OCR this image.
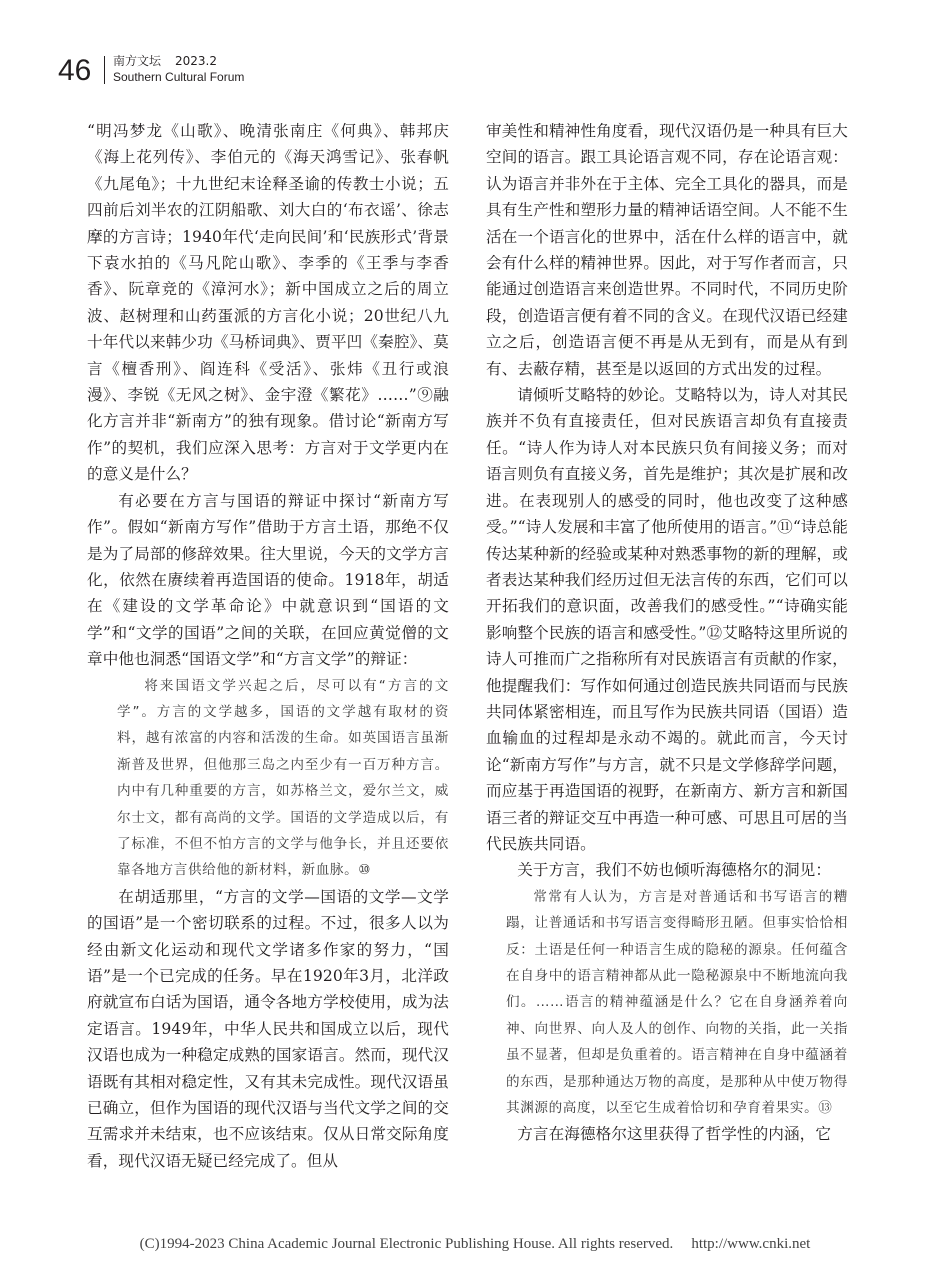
46 南方文坛 2023.2
Southern Cultural Forum

“明冯梦龙《山歌》、晚清张南庄《何典》、韩邦庆《海上花列传》、李伯元的《海天鸿雪记》、张春帆《九尾龟》；十九世纪末诠释圣谕的传教士小说；五四前后刘半农的江阴船歌、刘大白的‘布衣谣’、徐志摩的方言诗；1940年代‘走向民间’和‘民族形式’背景下袁水拍的《马凡陀山歌》、李季的《王季与李香香》、阮章竞的《漳河水》；新中国成立之后的周立波、赵树理和山药蛋派的方言化小说；20世纪八九十年代以来韩少功《马桥词典》、贾平凹《秦腔》、莫言《檀香刑》、阎连科《受活》、张炜《丑行或浪漫》、李锐《无风之树》、金宇澄《繁花》……”⑨融化方言并非“新南方”的独有现象。借讨论“新南方写作”的契机，我们应深入思考：方言对于文学更内在的意义是什么？

有必要在方言与国语的辩证中探讨“新南方写作”。假如“新南方写作”借助于方言土语，那绝不仅是为了局部的修辞效果。往大里说，今天的文学方言化，依然在赓续着再造国语的使命。1918年，胡适在《建设的文学革命论》中就意识到“国语的文学”和“文学的国语”之间的关联，在回应黄觉僧的文章中他也洞悉“国语文学”和“方言文学”的辩证：

将来国语文学兴起之后，尽可以有“方言的文学”。方言的文学越多，国语的文学越有取材的资料，越有浓富的内容和活泼的生命。如英国语言虽渐渐普及世界，但他那三岛之内至少有一百万种方言。内中有几种重要的方言，如苏格兰文，爱尔兰文，威尔士文，都有高尚的文学。国语的文学造成以后，有了标准，不但不怕方言的文学与他争长，并且还要依靠各地方言供给他的新材料，新血脉。⑩

在胡适那里，“方言的文学—国语的文学—文学的国语”是一个密切联系的过程。不过，很多人以为经由新文化运动和现代文学诸多作家的努力，“国语”是一个已完成的任务。早在1920年3月，北洋政府就宣布白话为国语，通令各地方学校使用，成为法定语言。1949年，中华人民共和国成立以后，现代汉语也成为一种稳定成熟的国家语言。然而，现代汉语既有其相对稳定性，又有其未完成性。现代汉语虽已确立，但作为国语的现代汉语与当代文学之间的交互需求并未结束，也不应该结束。仅从日常交际角度看，现代汉语无疑已经完成了。但从

审美性和精神性角度看，现代汉语仍是一种具有巨大空间的语言。跟工具论语言观不同，存在论语言观：认为语言并非外在于主体、完全工具化的器具，而是具有生产性和塑形力量的精神话语空间。人不能不生活在一个语言化的世界中，活在什么样的语言中，就会有什么样的精神世界。因此，对于写作者而言，只能通过创造语言来创造世界。不同时代，不同历史阶段，创造语言便有着不同的含义。在现代汉语已经建立之后，创造语言便不再是从无到有，而是从有到有、去蔽存精，甚至是以返回的方式出发的过程。

请倾听艾略特的妙论。艾略特以为，诗人对其民族并不负有直接责任，但对民族语言却负有直接责任。“诗人作为诗人对本民族只负有间接义务；而对语言则负有直接义务，首先是维护；其次是扩展和改进。在表现别人的感受的同时，他也改变了这种感受。”“诗人发展和丰富了他所使用的语言。”⑪“诗总能传达某种新的经验或某种对熟悉事物的新的理解，或者表达某种我们经历过但无法言传的东西，它们可以开拓我们的意识面，改善我们的感受性。”“诗确实能影响整个民族的语言和感受性。”⑫艾略特这里所说的诗人可推而广之指称所有对民族语言有贡献的作家，他提醒我们：写作如何通过创造民族共同语而与民族共同体紧密相连，而且写作为民族共同语（国语）造血输血的过程却是永动不竭的。就此而言，今天讨论“新南方写作”与方言，就不只是文学修辞学问题，而应基于再造国语的视野，在新南方、新方言和新国语三者的辩证交互中再造一种可感、可思且可居的当代民族共同语。

关于方言，我们不妨也倾听海德格尔的洞见：

常常有人认为，方言是对普通话和书写语言的糟蹋，让普通话和书写语言变得畸形丑陋。但事实恰恰相反：土语是任何一种语言生成的隐秘的源泉。任何蕴含在自身中的语言精神都从此一隐秘源泉中不断地流向我们。……语言的精神蕴涵是什么？它在自身涵养着向神、向世界、向人及人的创作、向物的关指，此一关指虽不显著，但却是负重着的。语言精神在自身中蕴涵着的东西，是那种通达万物的高度，是那种从中使万物得其渊源的高度，以至它生成着恰切和孕育着果实。⑬

方言在海德格尔这里获得了哲学性的内涵，它

(C)1994-2023 China Academic Journal Electronic Publishing House. All rights reserved. http://www.cnki.net
